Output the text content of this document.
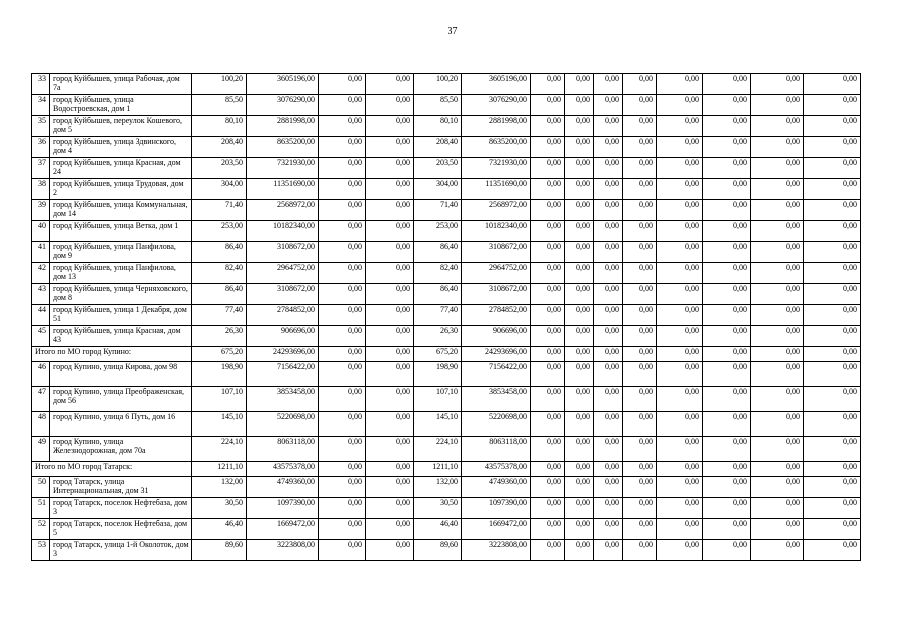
37
33	город Куйбышев, улица Рабочая, дом 7а	100,20	3605196,00	0,00	0,00	100,20	3605196,00	0,00	0,00	0,00	0,00	0,00	0,00	0,00	0,00
34	город Куйбышев, улица Водостроевская, дом 1	85,50	3076290,00	0,00	0,00	85,50	3076290,00	0,00	0,00	0,00	0,00	0,00	0,00	0,00	0,00
35	город Куйбышев, переулок Кошевого, дом 5	80,10	2881998,00	0,00	0,00	80,10	2881998,00	0,00	0,00	0,00	0,00	0,00	0,00	0,00	0,00
36	город Куйбышев, улица Здвинского, дом 4	208,40	8635200,00	0,00	0,00	208,40	8635200,00	0,00	0,00	0,00	0,00	0,00	0,00	0,00	0,00
37	город Куйбышев, улица Красная, дом 24	203,50	7321930,00	0,00	0,00	203,50	7321930,00	0,00	0,00	0,00	0,00	0,00	0,00	0,00	0,00
38	город Куйбышев, улица Трудовая, дом 2	304,00	11351690,00	0,00	0,00	304,00	11351690,00	0,00	0,00	0,00	0,00	0,00	0,00	0,00	0,00
39	город Куйбышев, улица Коммунальная, дом 14	71,40	2568972,00	0,00	0,00	71,40	2568972,00	0,00	0,00	0,00	0,00	0,00	0,00	0,00	0,00
40	город Куйбышев, улица Ветка, дом 1	253,00	10182340,00	0,00	0,00	253,00	10182340,00	0,00	0,00	0,00	0,00	0,00	0,00	0,00	0,00
41	город Куйбышев, улица Панфилова, дом 9	86,40	3108672,00	0,00	0,00	86,40	3108672,00	0,00	0,00	0,00	0,00	0,00	0,00	0,00	0,00
42	город Куйбышев, улица Панфилова, дом 13	82,40	2964752,00	0,00	0,00	82,40	2964752,00	0,00	0,00	0,00	0,00	0,00	0,00	0,00	0,00
43	город Куйбышев, улица Черняховского, дом 8	86,40	3108672,00	0,00	0,00	86,40	3108672,00	0,00	0,00	0,00	0,00	0,00	0,00	0,00	0,00
44	город Куйбышев, улица 1 Декабря, дом 51	77,40	2784852,00	0,00	0,00	77,40	2784852,00	0,00	0,00	0,00	0,00	0,00	0,00	0,00	0,00
45	город Куйбышев, улица Красная, дом 43	26,30	906696,00	0,00	0,00	26,30	906696,00	0,00	0,00	0,00	0,00	0,00	0,00	0,00	0,00
Итого по МО город Купино:		675,20	24293696,00	0,00	0,00	675,20	24293696,00	0,00	0,00	0,00	0,00	0,00	0,00	0,00	0,00
46	город Купино, улица Кирова, дом 98	198,90	7156422,00	0,00	0,00	198,90	7156422,00	0,00	0,00	0,00	0,00	0,00	0,00	0,00	0,00
47	город Купино, улица Преображенская, дом 56	107,10	3853458,00	0,00	0,00	107,10	3853458,00	0,00	0,00	0,00	0,00	0,00	0,00	0,00	0,00
48	город Купино, улица 6 Путь, дом 16	145,10	5220698,00	0,00	0,00	145,10	5220698,00	0,00	0,00	0,00	0,00	0,00	0,00	0,00	0,00
49	город Купино, улица Железнодорожная, дом 70а	224,10	8063118,00	0,00	0,00	224,10	8063118,00	0,00	0,00	0,00	0,00	0,00	0,00	0,00	0,00
Итого по МО город Татарск:		1211,10	43575378,00	0,00	0,00	1211,10	43575378,00	0,00	0,00	0,00	0,00	0,00	0,00	0,00	0,00
50	город Татарск, улица Интернациональная, дом 31	132,00	4749360,00	0,00	0,00	132,00	4749360,00	0,00	0,00	0,00	0,00	0,00	0,00	0,00	0,00
51	город Татарск, поселок Нефтебаза, дом 3	30,50	1097390,00	0,00	0,00	30,50	1097390,00	0,00	0,00	0,00	0,00	0,00	0,00	0,00	0,00
52	город Татарск, поселок Нефтебаза, дом 5	46,40	1669472,00	0,00	0,00	46,40	1669472,00	0,00	0,00	0,00	0,00	0,00	0,00	0,00	0,00
53	город Татарск, улица 1-й Околоток, дом 3	89,60	3223808,00	0,00	0,00	89,60	3223808,00	0,00	0,00	0,00	0,00	0,00	0,00	0,00	0,00
